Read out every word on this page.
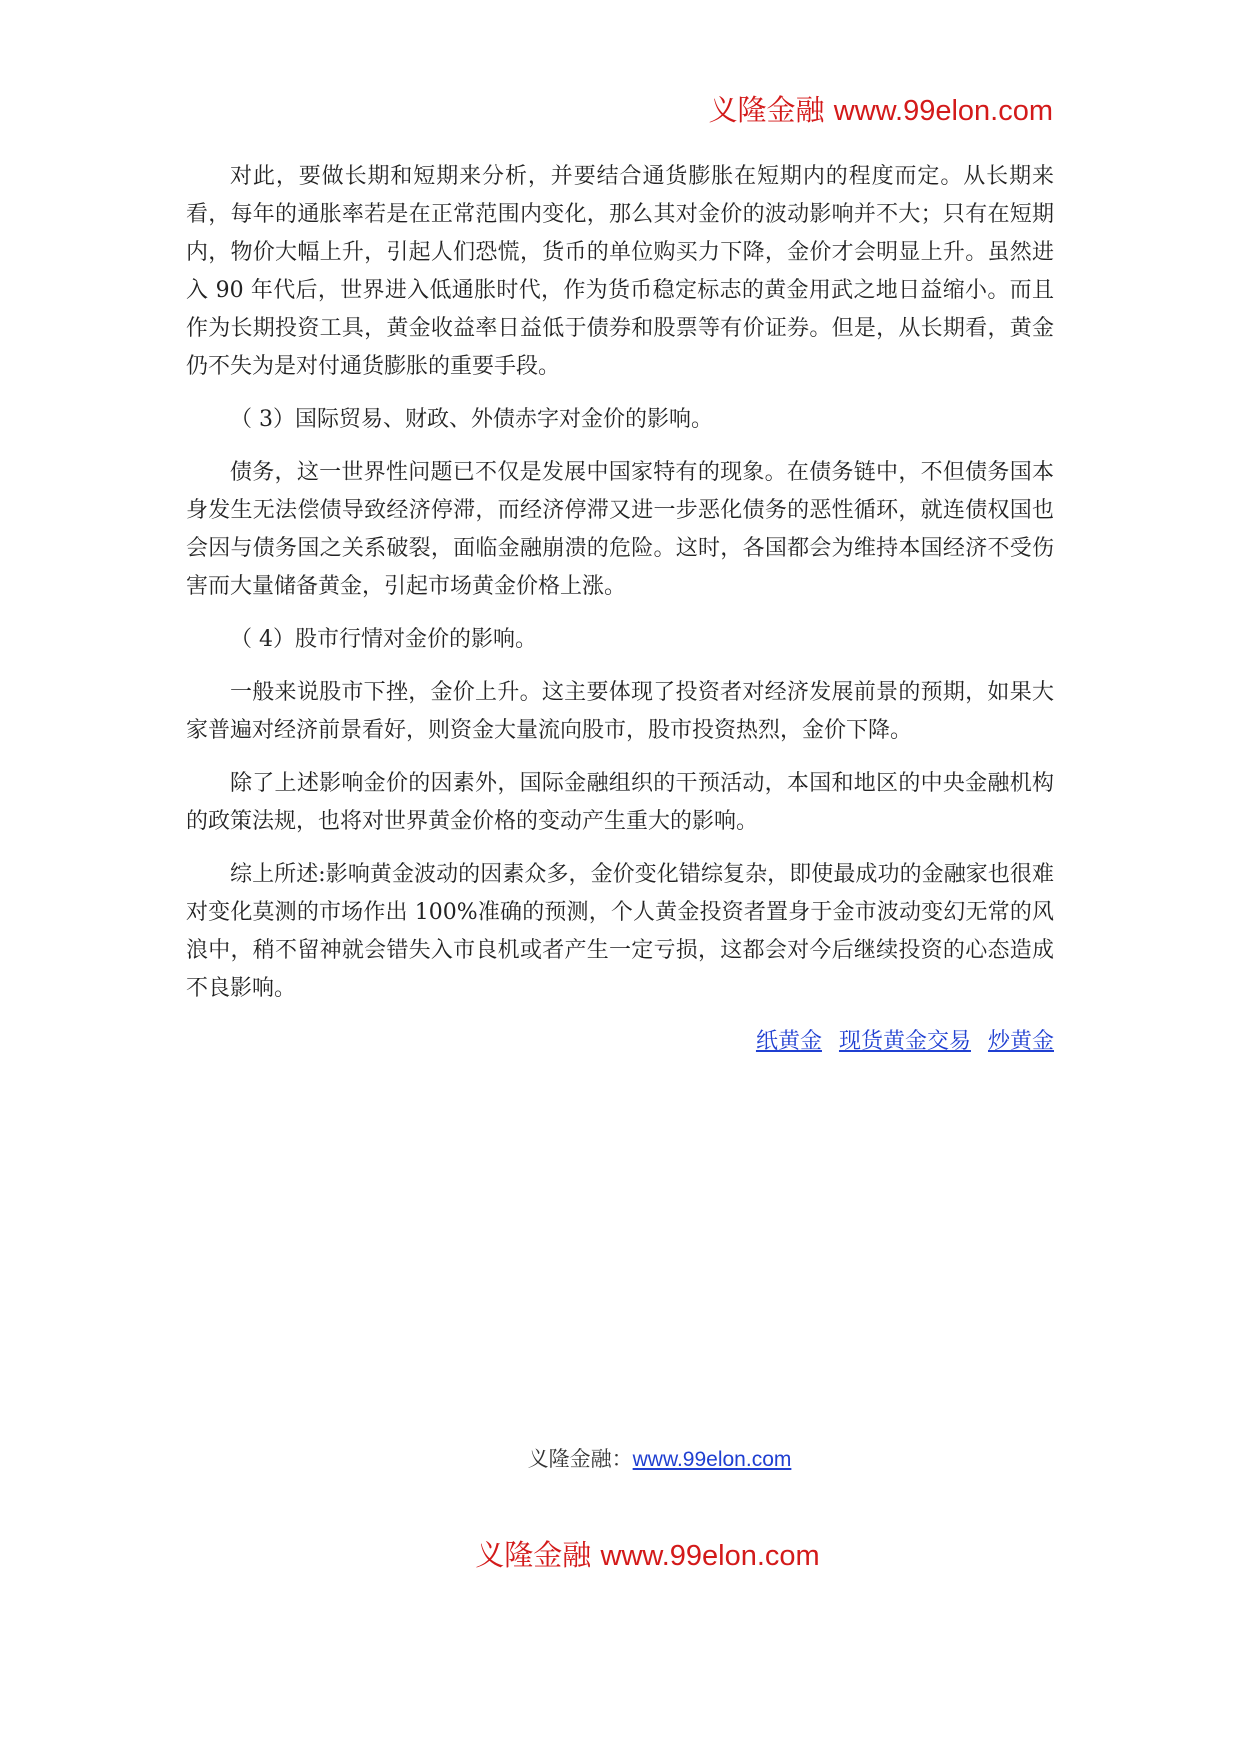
义隆金融 www.99elon.com

对此，要做长期和短期来分析，并要结合通货膨胀在短期内的程度而定。从长期来看，每年的通胀率若是在正常范围内变化，那么其对金价的波动影响并不大；只有在短期内，物价大幅上升，引起人们恐慌，货币的单位购买力下降，金价才会明显上升。虽然进入 90 年代后，世界进入低通胀时代，作为货币稳定标志的黄金用武之地日益缩小。而且作为长期投资工具，黄金收益率日益低于债券和股票等有价证券。但是，从长期看，黄金仍不失为是对付通货膨胀的重要手段。

（ 3）国际贸易、财政、外债赤字对金价的影响。

债务，这一世界性问题已不仅是发展中国家特有的现象。在债务链中，不但债务国本身发生无法偿债导致经济停滞，而经济停滞又进一步恶化债务的恶性循环，就连债权国也会因与债务国之关系破裂，面临金融崩溃的危险。这时，各国都会为维持本国经济不受伤害而大量储备黄金，引起市场黄金价格上涨。

（ 4）股市行情对金价的影响。

一般来说股市下挫，金价上升。这主要体现了投资者对经济发展前景的预期，如果大家普遍对经济前景看好，则资金大量流向股市，股市投资热烈，金价下降。

除了上述影响金价的因素外，国际金融组织的干预活动，本国和地区的中央金融机构的政策法规，也将对世界黄金价格的变动产生重大的影响。

综上所述:影响黄金波动的因素众多，金价变化错综复杂，即使最成功的金融家也很难对变化莫测的市场作出 100%准确的预测，个人黄金投资者置身于金市波动变幻无常的风浪中，稍不留神就会错失入市良机或者产生一定亏损，这都会对今后继续投资的心态造成不良影响。

纸黄金 现货黄金交易 炒黄金
义隆金融：www.99elon.com
义隆金融 www.99elon.com
